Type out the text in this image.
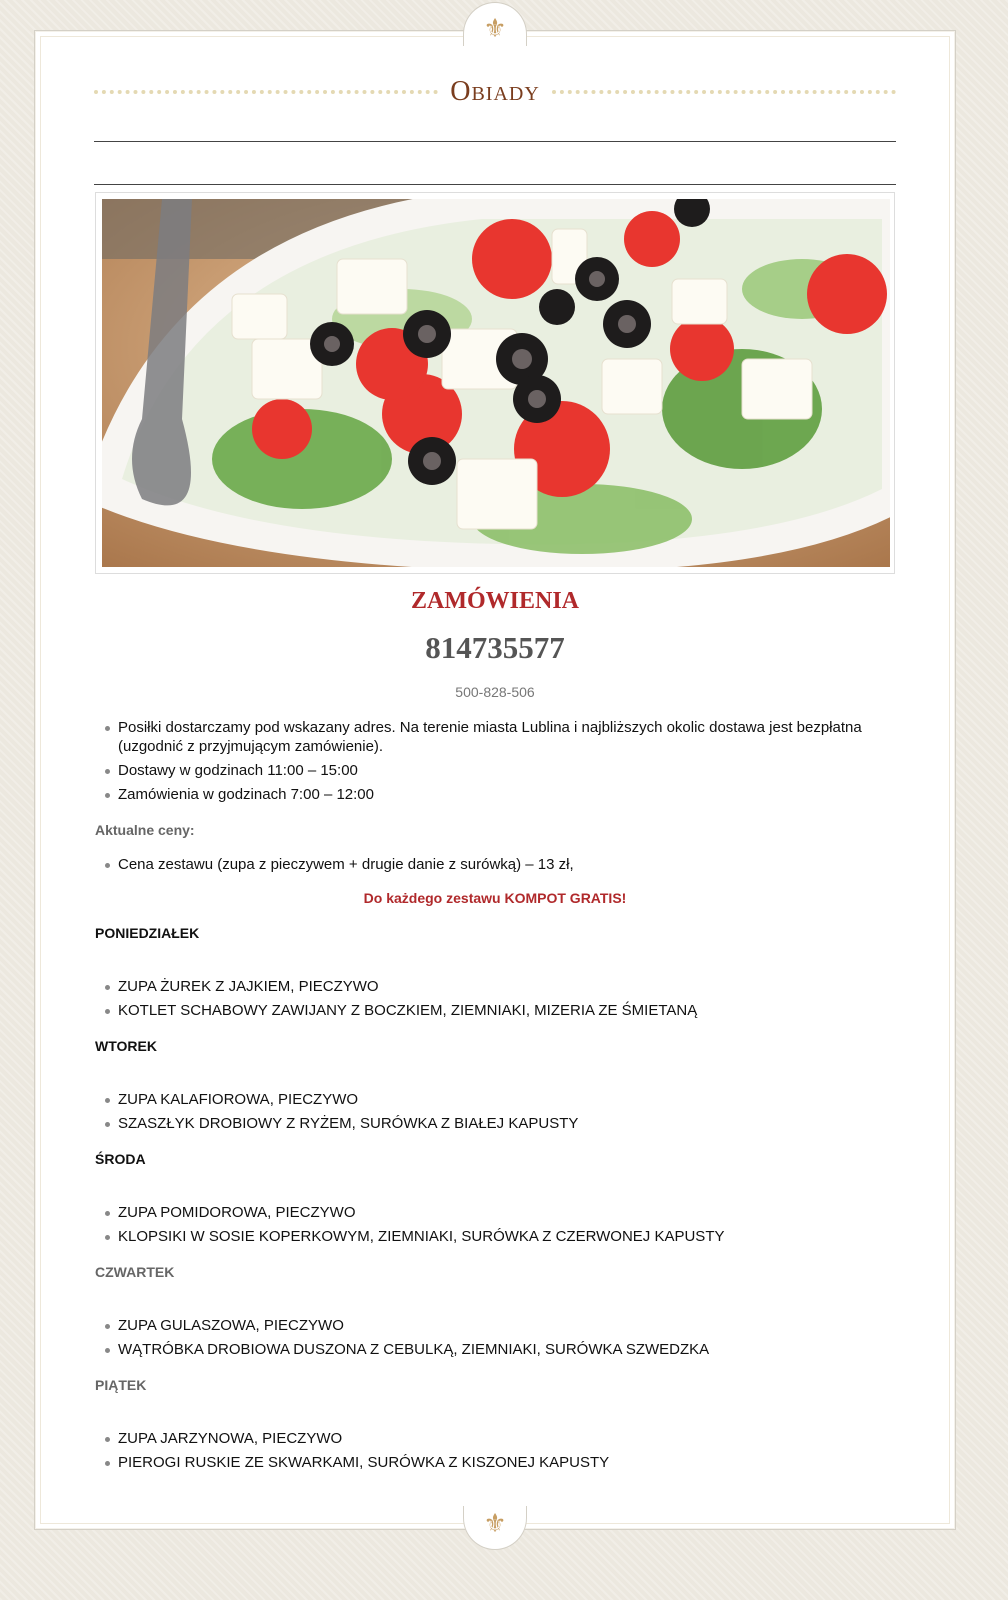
⚜
Obiady
ZAMÓWIENIA
814735577
500-828-506
Posiłki dostarczamy pod wskazany adres. Na terenie miasta Lublina i najbliższych okolic dostawa jest bezpłatna (uzgodnić z przyjmującym zamówienie).
Dostawy w godzinach 11:00 – 15:00
Zamówienia w godzinach 7:00 – 12:00
Aktualne ceny:
Cena zestawu (zupa z pieczywem + drugie danie z surówką) – 13 zł,
Do każdego zestawu KOMPOT GRATIS!
PONIEDZIAŁEK
ZUPA ŻUREK Z JAJKIEM, PIECZYWO
KOTLET SCHABOWY ZAWIJANY Z BOCZKIEM, ZIEMNIAKI, MIZERIA ZE ŚMIETANĄ
WTOREK
ZUPA KALAFIOROWA, PIECZYWO
SZASZŁYK DROBIOWY Z RYŻEM, SURÓWKA Z BIAŁEJ KAPUSTY
ŚRODA
ZUPA POMIDOROWA, PIECZYWO
KLOPSIKI W SOSIE KOPERKOWYM, ZIEMNIAKI, SURÓWKA Z CZERWONEJ KAPUSTY
CZWARTEK
ZUPA GULASZOWA, PIECZYWO
WĄTRÓBKA DROBIOWA DUSZONA Z CEBULKĄ, ZIEMNIAKI, SURÓWKA SZWEDZKA
PIĄTEK
ZUPA JARZYNOWA, PIECZYWO
PIEROGI RUSKIE ZE SKWARKAMI, SURÓWKA Z KISZONEJ KAPUSTY
⚜
